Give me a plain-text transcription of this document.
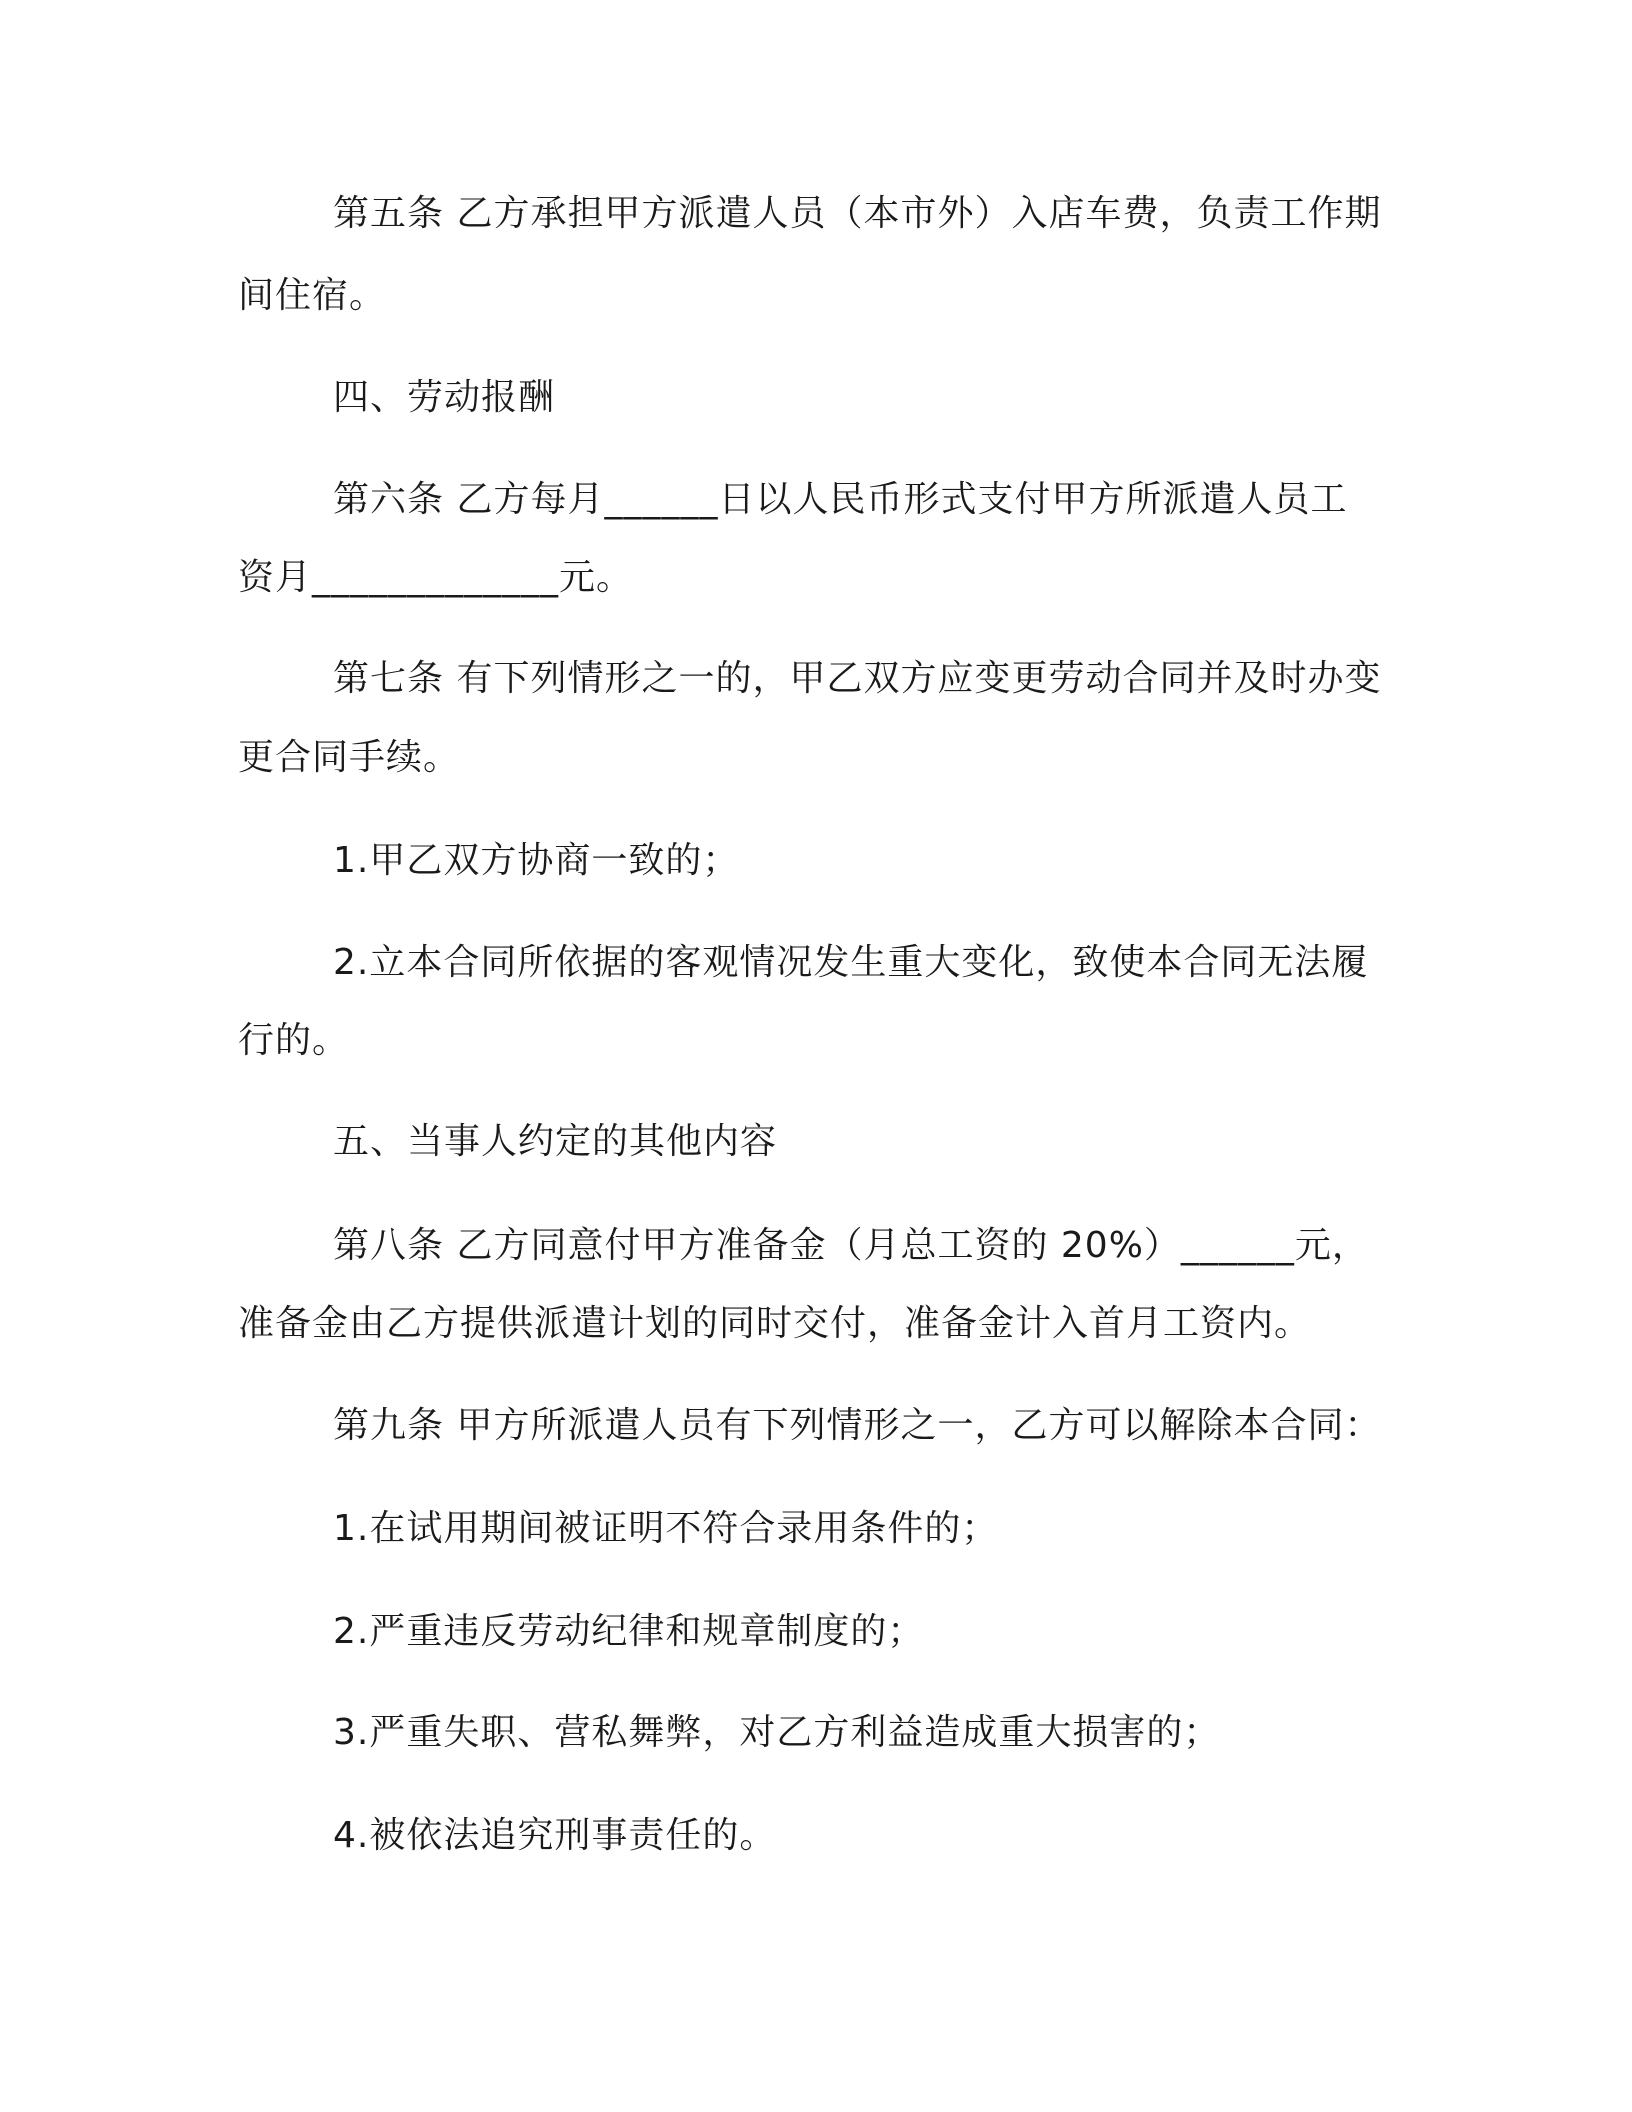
第五条 乙方承担甲方派遣人员（本市外）入店车费，负责工作期

间住宿。

四、劳动报酬

第六条 乙方每月______日以人民币形式支付甲方所派遣人员工

资月_____________元。

第七条 有下列情形之一的，甲乙双方应变更劳动合同并及时办变

更合同手续。

1.甲乙双方协商一致的；

2.立本合同所依据的客观情况发生重大变化，致使本合同无法履

行的。

五、当事人约定的其他内容

第八条 乙方同意付甲方准备金（月总工资的 20%）______元，

准备金由乙方提供派遣计划的同时交付，准备金计入首月工资内。

第九条 甲方所派遣人员有下列情形之一，乙方可以解除本合同：

1.在试用期间被证明不符合录用条件的；

2.严重违反劳动纪律和规章制度的；

3.严重失职、营私舞弊，对乙方利益造成重大损害的；

4.被依法追究刑事责任的。
